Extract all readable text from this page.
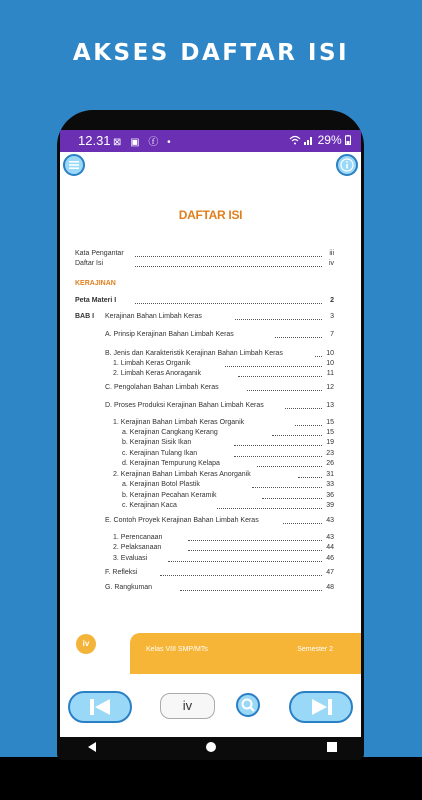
AKSES DAFTAR ISI
12.31 ⊠ ▣ ⓕ •	29%
DAFTAR ISI
Kata Pengantar	iii
Daftar Isi	iv
KERAJINAN
Peta Materi I	2
BAB I Kerajinan Bahan Limbah Keras	3
A. Prinsip Kerajinan Bahan Limbah Keras	7
B. Jenis dan Karakteristik Kerajinan Bahan Limbah Keras	10
1. Limbah Keras Organik	10
2. Limbah Keras Anoraganik	11
C. Pengolahan Bahan Limbah Keras	12
D. Proses Produksi Kerajinan Bahan Limbah Keras	13
1. Kerajinan Bahan Limbah Keras Organik	15
a. Kerajinan Cangkang Kerang	15
b. Kerajinan Sisik Ikan	19
c. Kerajinan Tulang Ikan	23
d. Kerajinan Tempurung Kelapa	26
2. Kerajinan Bahan Limbah Keras Anorganik	31
a. Kerajinan Botol Plastik	33
b. Kerajinan Pecahan Keramik	36
c. Kerajinan Kaca	39
E. Contoh Proyek Kerajinan Bahan Limbah Keras	43
1. Perencanaan	43
2. Pelaksanaan	44
3. Evaluasi	46
F. Refleksi	47
G. Rangkuman	48
iv
Kelas VIII SMP/MTs	Semester 2
iv
